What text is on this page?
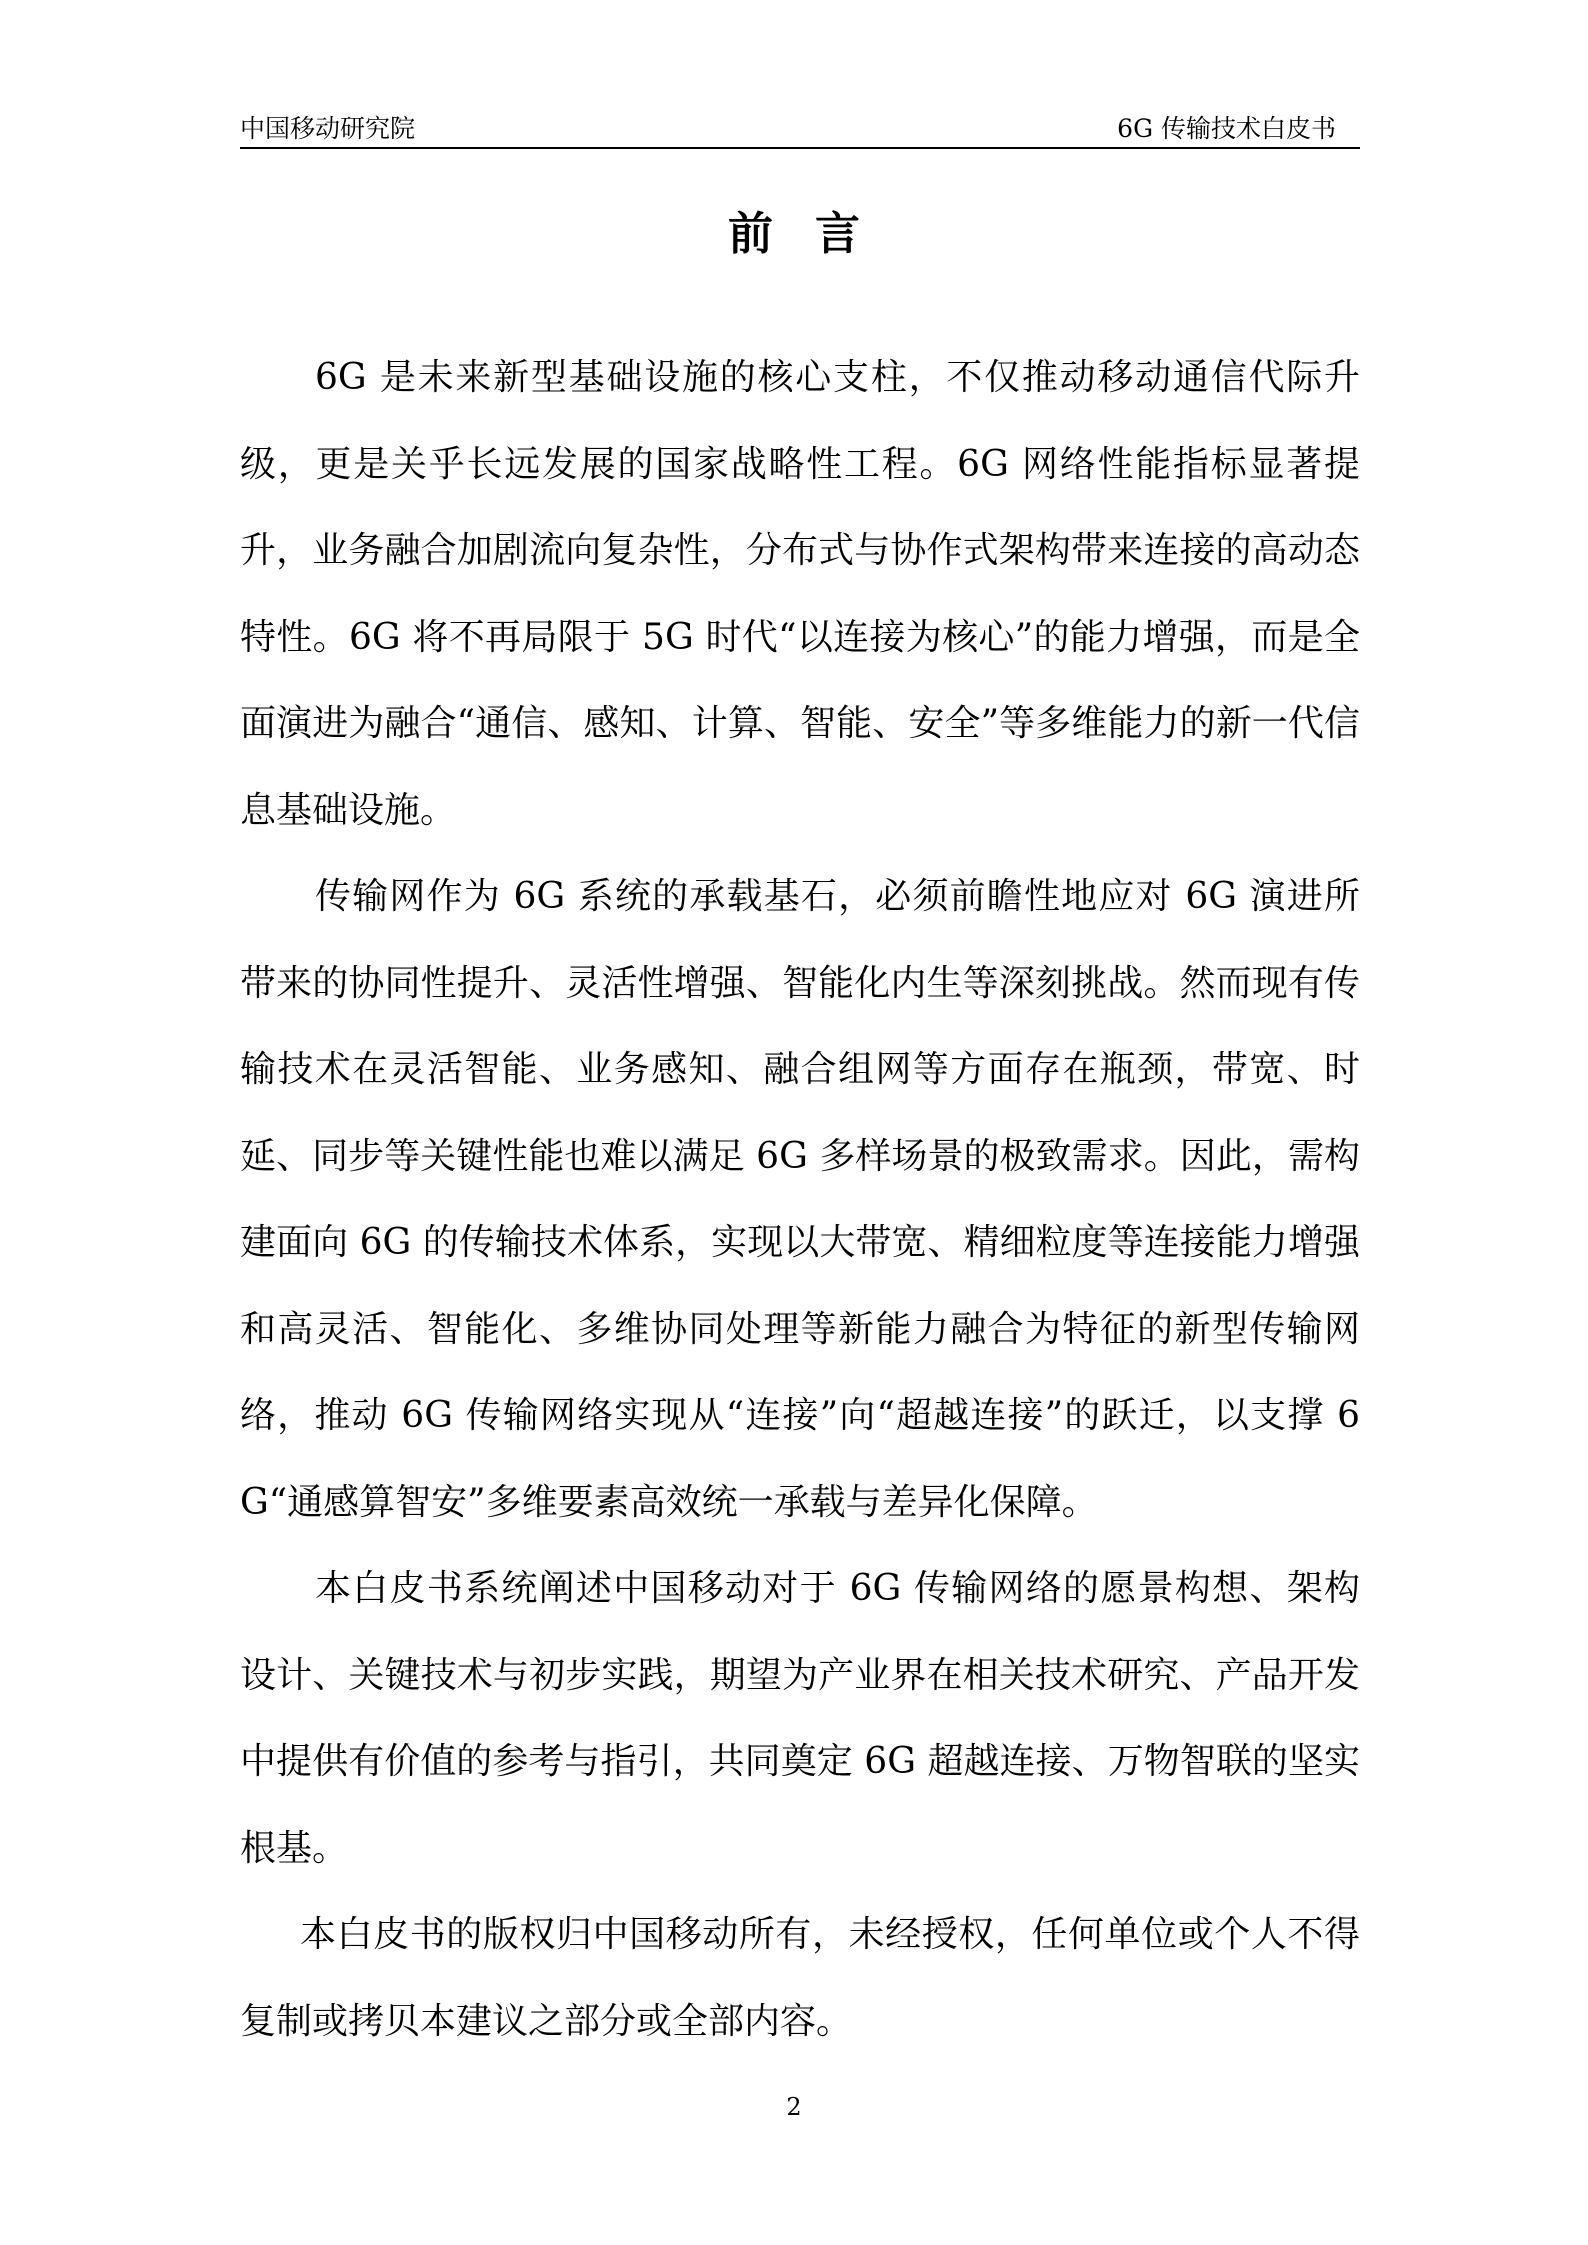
中国移动研究院	6G 传输技术白皮书
前言

6G 是未来新型基础设施的核心支柱，不仅推动移动通信代际升级，更是关乎长远发展的国家战略性工程。6G 网络性能指标显著提升，业务融合加剧流向复杂性，分布式与协作式架构带来连接的高动态特性。6G 将不再局限于 5G 时代“以连接为核心”的能力增强，而是全面演进为融合“通信、感知、计算、智能、安全”等多维能力的新一代信息基础设施。

传输网作为 6G 系统的承载基石，必须前瞻性地应对 6G 演进所带来的协同性提升、灵活性增强、智能化内生等深刻挑战。然而现有传输技术在灵活智能、业务感知、融合组网等方面存在瓶颈，带宽、时延、同步等关键性能也难以满足 6G 多样场景的极致需求。因此，需构建面向 6G 的传输技术体系，实现以大带宽、精细粒度等连接能力增强和高灵活、智能化、多维协同处理等新能力融合为特征的新型传输网络，推动 6G 传输网络实现从“连接”向“超越连接”的跃迁，以支撑 6G“通感算智安”多维要素高效统一承载与差异化保障。

本白皮书系统阐述中国移动对于 6G 传输网络的愿景构想、架构设计、关键技术与初步实践，期望为产业界在相关技术研究、产品开发中提供有价值的参考与指引，共同奠定 6G 超越连接、万物智联的坚实根基。

本白皮书的版权归中国移动所有，未经授权，任何单位或个人不得复制或拷贝本建议之部分或全部内容。

2
